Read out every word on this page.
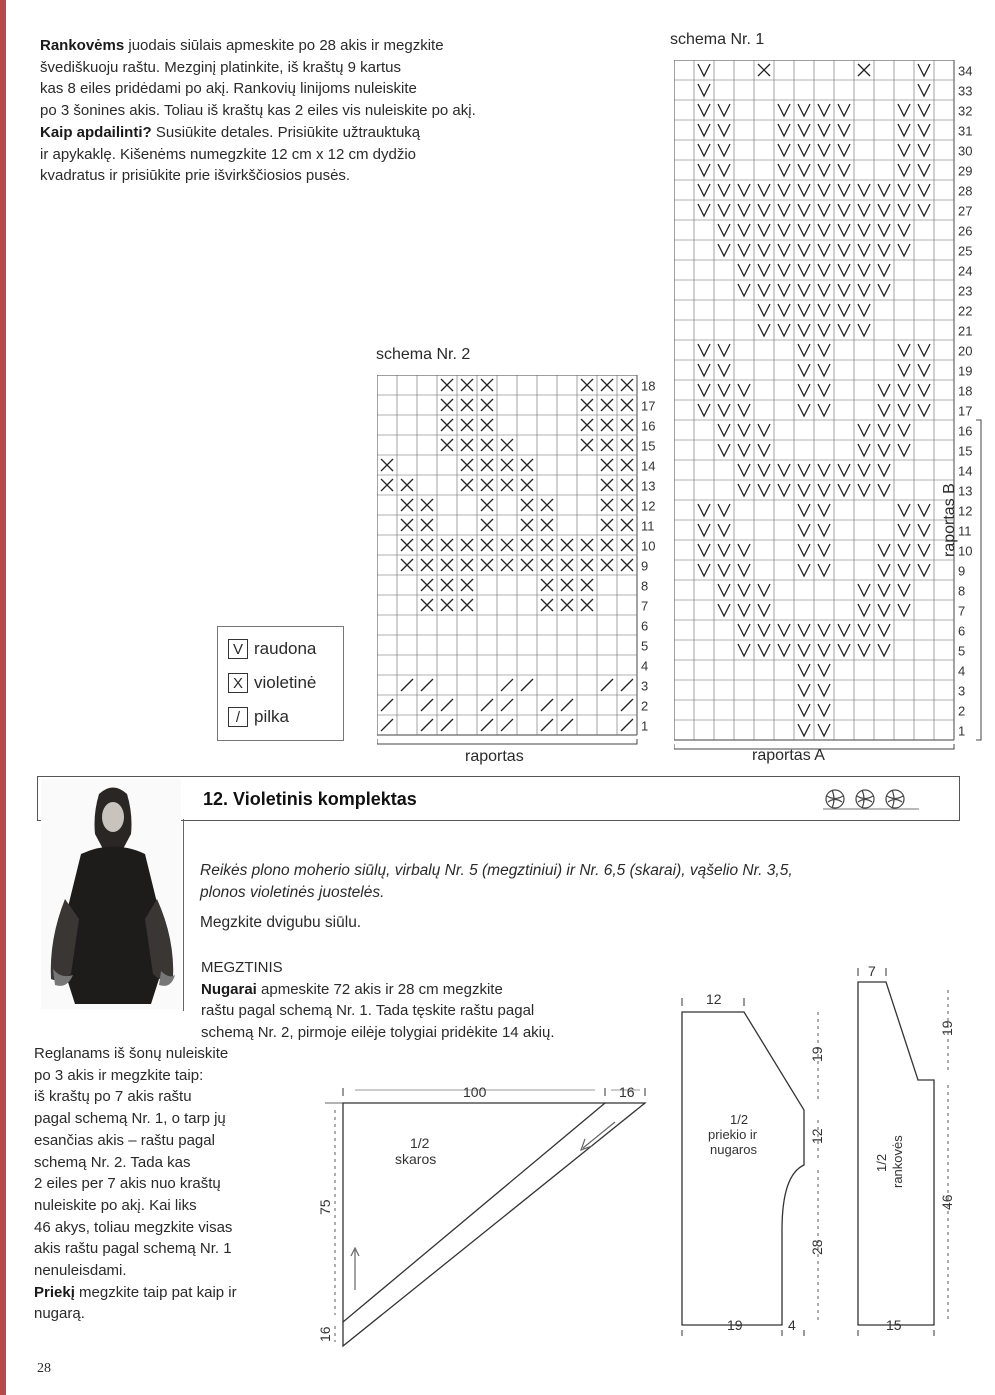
Rankovėms juodais siūlais apmeskite po 28 akis ir megzkite
švediškuoju raštu. Mezginį platinkite, iš kraštų 9 kartus
kas 8 eiles pridėdami po akį. Rankovių linijoms nuleiskite
po 3 šonines akis. Toliau iš kraštų kas 2 eiles vis nuleiskite po akį.
Kaip apdailinti? Susiūkite detales. Prisiūkite užtrauktuką
ir apykaklę. Kišenėms numegzkite 12 cm x 12 cm dydžio
kvadratus ir prisiūkite prie išvirkščiosios pusės.
schema Nr. 1
34
33
32
31
30
29
28
27
26
25
24
23
22
21
20
19
18
17
16
15
14
13
12
11
10
9
8
7
6
5
4
3
2
1
raportas A
raportas B
schema Nr. 2
18
17
16
15
14
13
12
11
10
9
8
7
6
5
4
3
2
1
raportas
V raudona
X violetinė
/ pilka
12. Violetinis komplektas
Reikės plono moherio siūlų, virbalų Nr. 5 (megztiniui) ir Nr. 6,5 (skarai), vąšelio Nr. 3,5,
plonos violetinės juostelės.
Megzkite dvigubu siūlu.
MEGZTINIS
Nugarai apmeskite 72 akis ir 28 cm megzkite
raštu pagal schemą Nr. 1. Tada tęskite raštu pagal
schemą Nr. 2, pirmoje eilėje tolygiai pridėkite 14 akių.
Reglanams iš šonų nuleiskite
po 3 akis ir megzkite taip:
iš kraštų po 7 akis raštu
pagal schemą Nr. 1, o tarp jų
esančias akis – raštu pagal
schemą Nr. 2. Tada kas
2 eiles per 7 akis nuo kraštų
nuleiskite po akį. Kai liks
46 akys, toliau megzkite visas
akis raštu pagal schemą Nr. 1
nenuleisdami.
Priekį megzkite taip pat kaip ir
nugarą.
100	16
75
16
1/2
skaros
12
19
12
28
19	4
1/2
priekio ir
nugaros
7
19
46
15
1/2 rankovės
28
